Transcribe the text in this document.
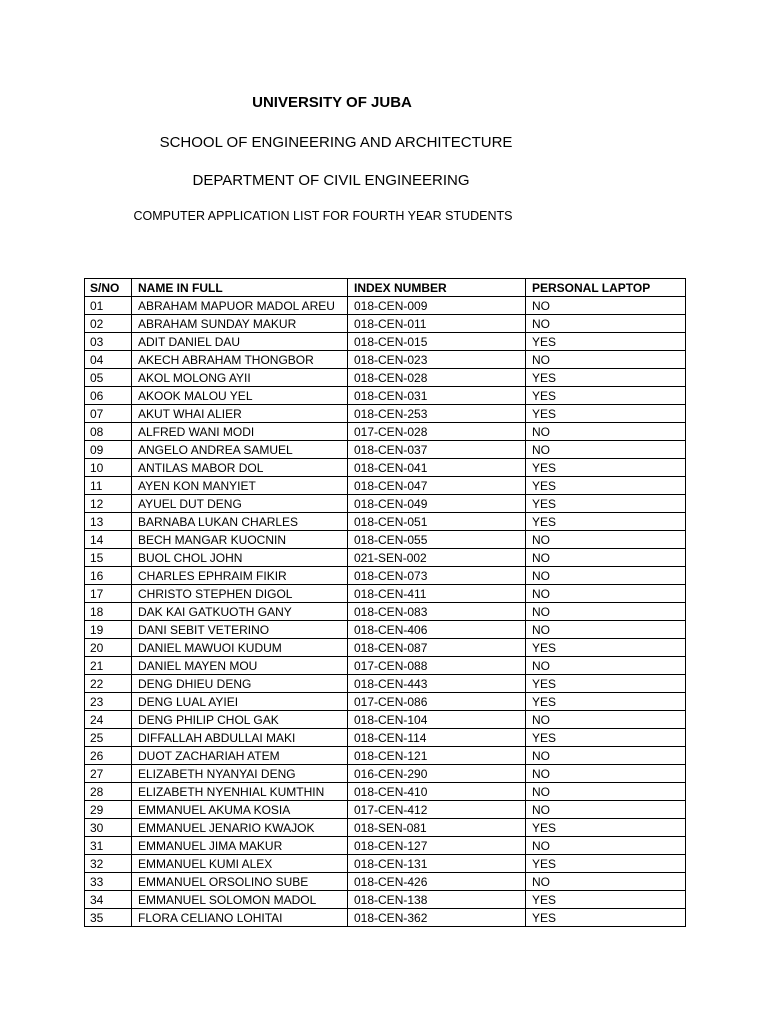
UNIVERSITY OF JUBA
SCHOOL OF ENGINEERING AND ARCHITECTURE
DEPARTMENT OF CIVIL ENGINEERING
COMPUTER APPLICATION LIST FOR FOURTH YEAR STUDENTS
S/NO	NAME IN FULL	INDEX NUMBER	PERSONAL LAPTOP
01	ABRAHAM MAPUOR MADOL AREU	018-CEN-009	NO
02	ABRAHAM SUNDAY MAKUR	018-CEN-011	NO
03	ADIT DANIEL DAU	018-CEN-015	YES
04	AKECH ABRAHAM THONGBOR	018-CEN-023	NO
05	AKOL MOLONG AYII	018-CEN-028	YES
06	AKOOK MALOU YEL	018-CEN-031	YES
07	AKUT WHAI ALIER	018-CEN-253	YES
08	ALFRED WANI MODI	017-CEN-028	NO
09	ANGELO ANDREA SAMUEL	018-CEN-037	NO
10	ANTILAS MABOR DOL	018-CEN-041	YES
11	AYEN KON MANYIET	018-CEN-047	YES
12	AYUEL DUT DENG	018-CEN-049	YES
13	BARNABA LUKAN CHARLES	018-CEN-051	YES
14	BECH MANGAR KUOCNIN	018-CEN-055	NO
15	BUOL CHOL JOHN	021-SEN-002	NO
16	CHARLES EPHRAIM FIKIR	018-CEN-073	NO
17	CHRISTO STEPHEN DIGOL	018-CEN-411	NO
18	DAK KAI GATKUOTH GANY	018-CEN-083	NO
19	DANI SEBIT VETERINO	018-CEN-406	NO
20	DANIEL MAWUOI KUDUM	018-CEN-087	YES
21	DANIEL MAYEN MOU	017-CEN-088	NO
22	DENG DHIEU DENG	018-CEN-443	YES
23	DENG LUAL AYIEI	017-CEN-086	YES
24	DENG PHILIP CHOL GAK	018-CEN-104	NO
25	DIFFALLAH ABDULLAI MAKI	018-CEN-114	YES
26	DUOT ZACHARIAH ATEM	018-CEN-121	NO
27	ELIZABETH NYANYAI DENG	016-CEN-290	NO
28	ELIZABETH NYENHIAL KUMTHIN	018-CEN-410	NO
29	EMMANUEL AKUMA KOSIA	017-CEN-412	NO
30	EMMANUEL JENARIO KWAJOK	018-SEN-081	YES
31	EMMANUEL JIMA MAKUR	018-CEN-127	NO
32	EMMANUEL KUMI ALEX	018-CEN-131	YES
33	EMMANUEL ORSOLINO SUBE	018-CEN-426	NO
34	EMMANUEL SOLOMON MADOL	018-CEN-138	YES
35	FLORA CELIANO LOHITAI	018-CEN-362	YES
